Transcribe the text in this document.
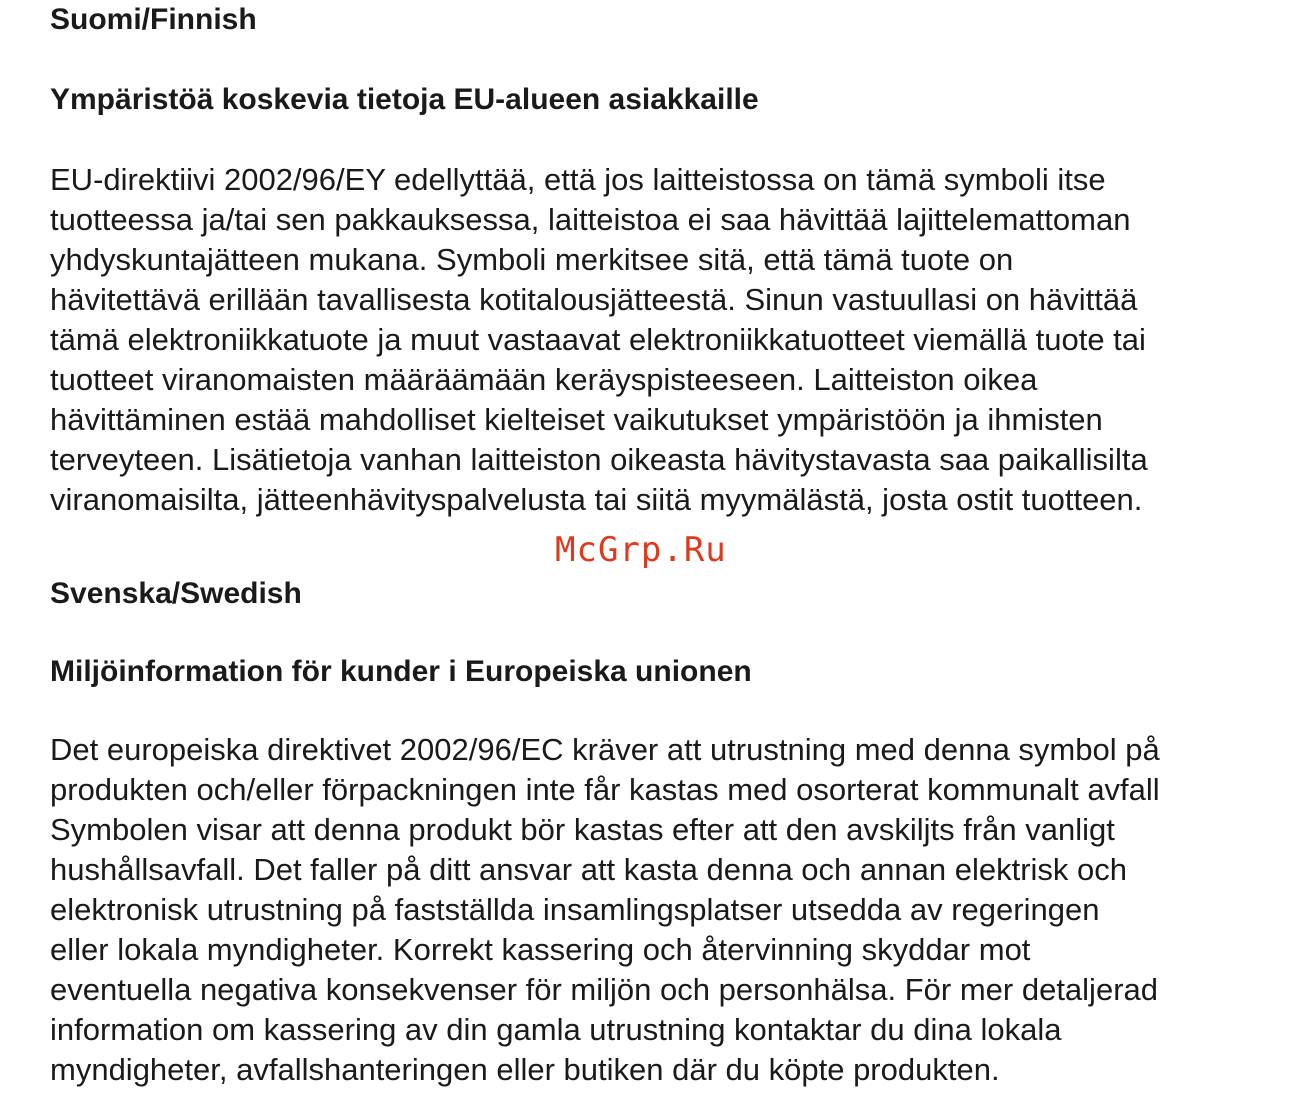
Suomi/Finnish
Ympäristöä koskevia tietoja EU-alueen asiakkaille
EU-direktiivi 2002/96/EY edellyttää, että jos laitteistossa on tämä symboli itse
tuotteessa ja/tai sen pakkauksessa, laitteistoa ei saa hävittää lajittelemattoman
yhdyskuntajätteen mukana. Symboli merkitsee sitä, että tämä tuote on
hävitettävä erillään tavallisesta kotitalousjätteestä. Sinun vastuullasi on hävittää
tämä elektroniikkatuote ja muut vastaavat elektroniikkatuotteet viemällä tuote tai
tuotteet viranomaisten määräämään keräyspisteeseen. Laitteiston oikea
hävittäminen estää mahdolliset kielteiset vaikutukset ympäristöön ja ihmisten
terveyteen. Lisätietoja vanhan laitteiston oikeasta hävitystavasta saa paikallisilta
viranomaisilta, jätteenhävityspalvelusta tai siitä myymälästä, josta ostit tuotteen.
Svenska/Swedish
Miljöinformation för kunder i Europeiska unionen
Det europeiska direktivet 2002/96/EC kräver att utrustning med denna symbol på
produkten och/eller förpackningen inte får kastas med osorterat kommunalt avfall
Symbolen visar att denna produkt bör kastas efter att den avskiljts från vanligt
hushållsavfall. Det faller på ditt ansvar att kasta denna och annan elektrisk och
elektronisk utrustning på fastställda insamlingsplatser utsedda av regeringen
eller lokala myndigheter. Korrekt kassering och återvinning skyddar mot
eventuella negativa konsekvenser för miljön och personhälsa. För mer detaljerad
information om kassering av din gamla utrustning kontaktar du dina lokala
myndigheter, avfallshanteringen eller butiken där du köpte produkten.
McGrp.Ru
